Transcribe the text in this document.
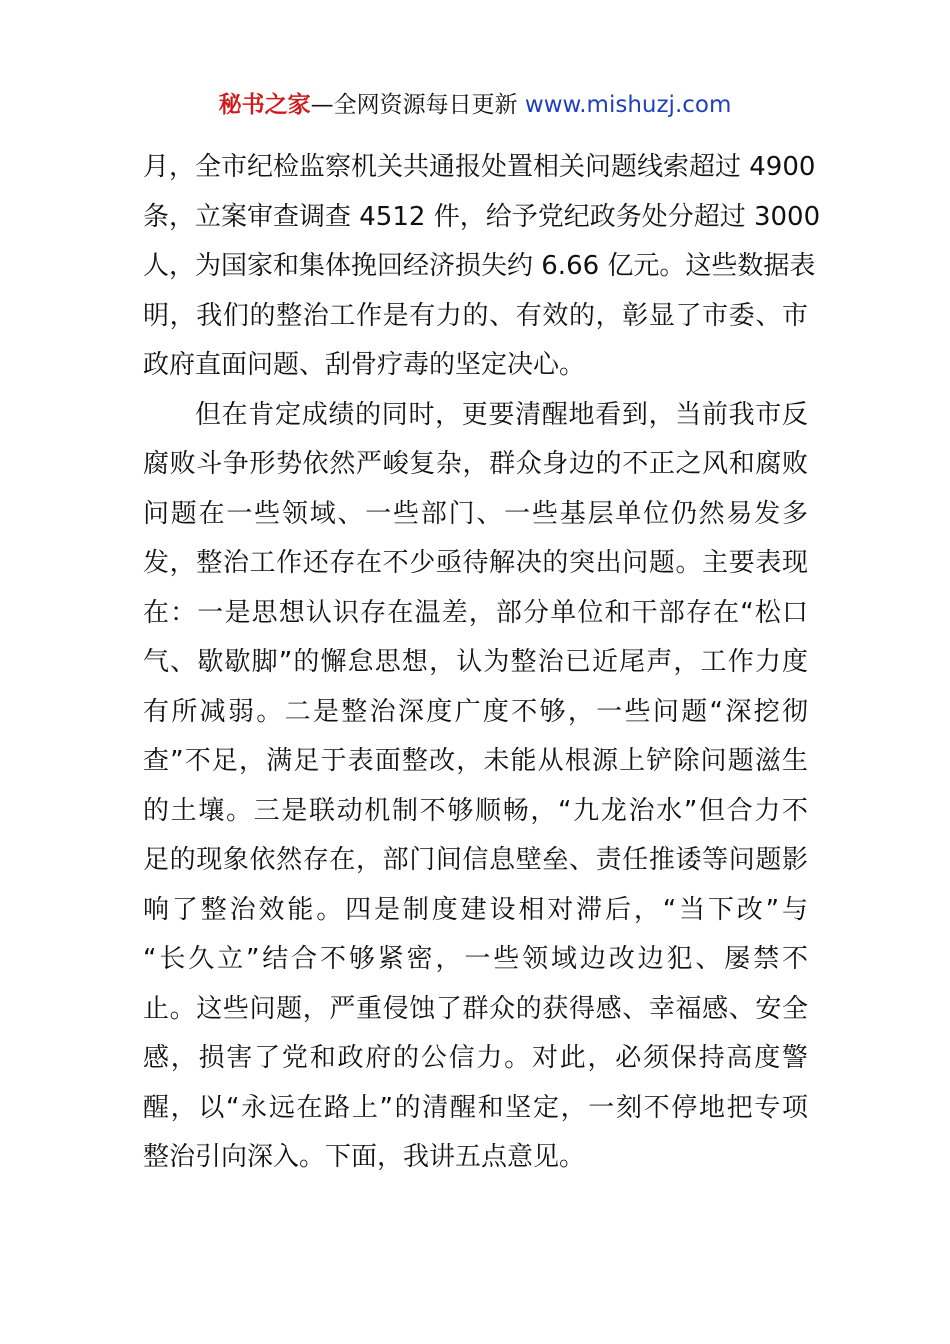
秘书之家—全网资源每日更新 www.mishuzj.com
月，全市纪检监察机关共通报处置相关问题线索超过 4900
条，立案审查调查 4512 件，给予党纪政务处分超过 3000
人，为国家和集体挽回经济损失约 6.66 亿元。这些数据表
明，我们的整治工作是有力的、有效的，彰显了市委、市
政府直面问题、刮骨疗毒的坚定决心。
但在肯定成绩的同时，更要清醒地看到，当前我市反
腐败斗争形势依然严峻复杂，群众身边的不正之风和腐败
问题在一些领域、一些部门、一些基层单位仍然易发多
发，整治工作还存在不少亟待解决的突出问题。主要表现
在：一是思想认识存在温差，部分单位和干部存在“松口
气、歇歇脚”的懈怠思想，认为整治已近尾声，工作力度
有所减弱。二是整治深度广度不够，一些问题“深挖彻
查”不足，满足于表面整改，未能从根源上铲除问题滋生
的土壤。三是联动机制不够顺畅，“九龙治水”但合力不
足的现象依然存在，部门间信息壁垒、责任推诿等问题影
响了整治效能。四是制度建设相对滞后，“当下改”与
“长久立”结合不够紧密，一些领域边改边犯、屡禁不
止。这些问题，严重侵蚀了群众的获得感、幸福感、安全
感，损害了党和政府的公信力。对此，必须保持高度警
醒，以“永远在路上”的清醒和坚定，一刻不停地把专项
整治引向深入。下面，我讲五点意见。
